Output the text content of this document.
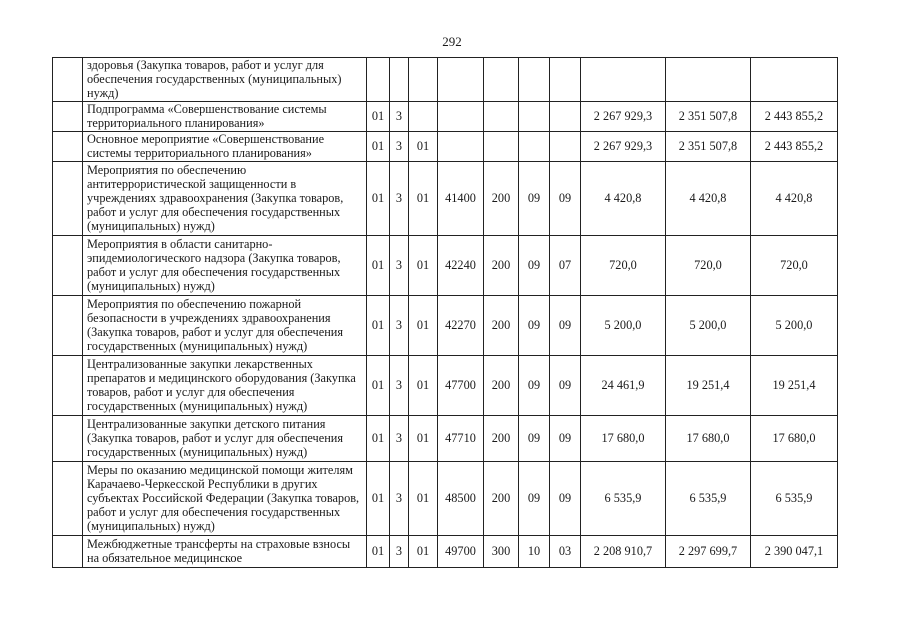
292
	здоровья (Закупка товаров, работ и услуг для обеспечения государственных (муниципальных) нужд)										
	Подпрограмма «Совершенствование системы территориального планирования»	01	3						2 267 929,3	2 351 507,8	2 443 855,2
	Основное мероприятие «Совершенствование системы территориального планирования»	01	3	01					2 267 929,3	2 351 507,8	2 443 855,2
	Мероприятия по обеспечению антитеррористической защищенности в учреждениях здравоохранения (Закупка товаров, работ и услуг для обеспечения государственных (муниципальных) нужд)	01	3	01	41400	200	09	09	4 420,8	4 420,8	4 420,8
	Мероприятия в области санитарно-эпидемиологического надзора (Закупка товаров, работ и услуг для обеспечения государственных (муниципальных) нужд)	01	3	01	42240	200	09	07	720,0	720,0	720,0
	Мероприятия по обеспечению пожарной безопасности в учреждениях здравоохранения (Закупка товаров, работ и услуг для обеспечения государственных (муниципальных) нужд)	01	3	01	42270	200	09	09	5 200,0	5 200,0	5 200,0
	Централизованные закупки лекарственных препаратов и медицинского оборудования (Закупка товаров, работ и услуг для обеспечения государственных (муниципальных) нужд)	01	3	01	47700	200	09	09	24 461,9	19 251,4	19 251,4
	Централизованные закупки детского питания (Закупка товаров, работ и услуг для обеспечения государственных (муниципальных) нужд)	01	3	01	47710	200	09	09	17 680,0	17 680,0	17 680,0
	Меры по оказанию медицинской помощи жителям Карачаево-Черкесской Республики в других субъектах Российской Федерации (Закупка товаров, работ и услуг для обеспечения государственных (муниципальных) нужд)	01	3	01	48500	200	09	09	6 535,9	6 535,9	6 535,9
	Межбюджетные трансферты на страховые взносы на обязательное медицинское	01	3	01	49700	300	10	03	2 208 910,7	2 297 699,7	2 390 047,1
